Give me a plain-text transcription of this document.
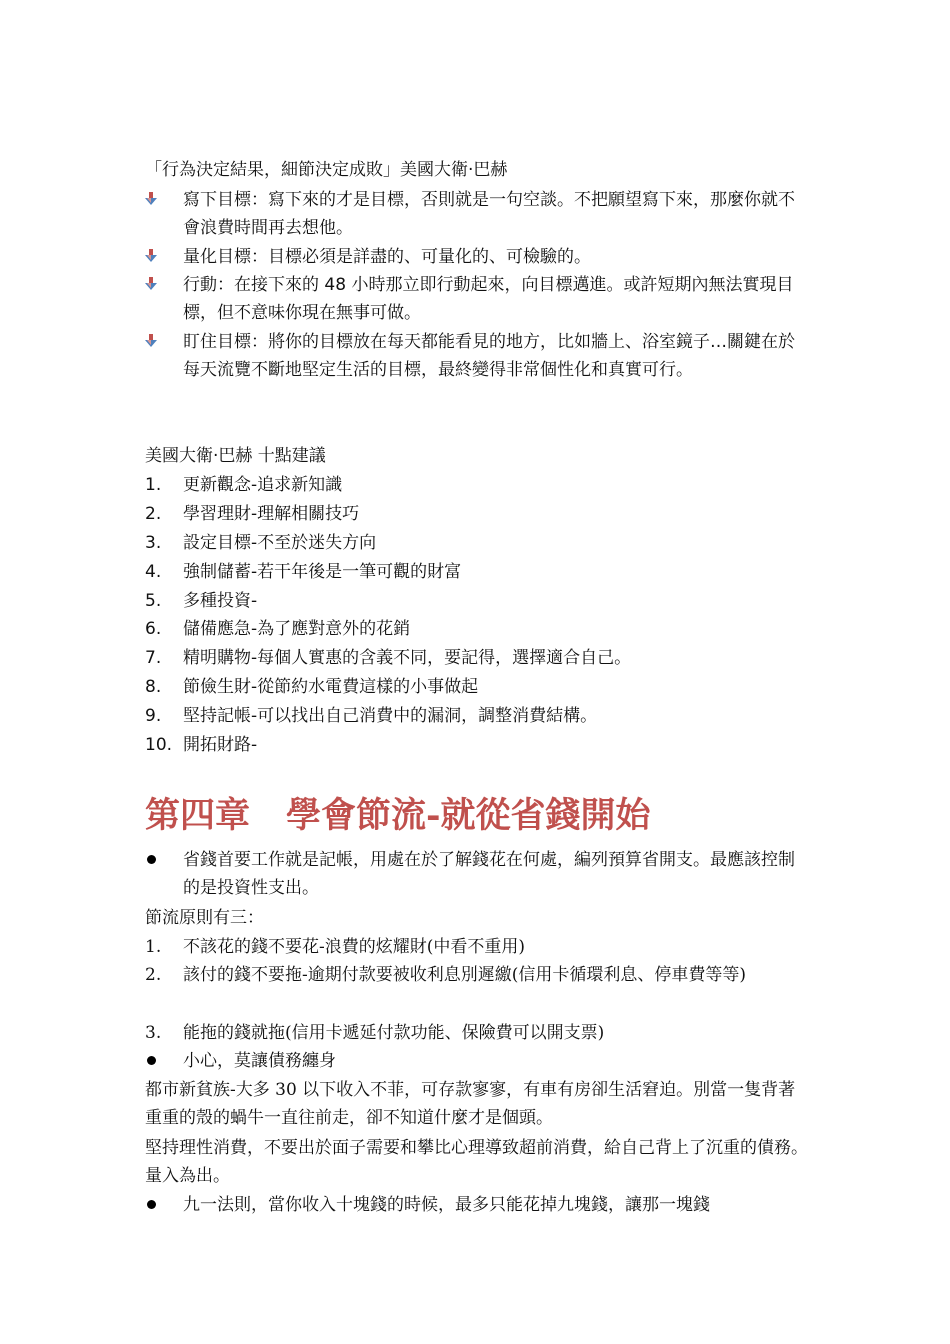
「行為決定結果，細節決定成敗」美國大衛‧巴赫
寫下目標：寫下來的才是目標，否則就是一句空談。不把願望寫下來，那麼你就不會浪費時間再去想他。
量化目標：目標必須是詳盡的、可量化的、可檢驗的。
行動：在接下來的 48 小時那立即行動起來，向目標邁進。或許短期內無法實現目標，但不意味你現在無事可做。
盯住目標：將你的目標放在每天都能看見的地方，比如牆上、浴室鏡子…關鍵在於每天流覽不斷地堅定生活的目標，最終變得非常個性化和真實可行。
美國大衛‧巴赫 十點建議
1. 更新觀念-追求新知識
2. 學習理財-理解相關技巧
3. 設定目標-不至於迷失方向
4. 強制儲蓄-若干年後是一筆可觀的財富
5. 多種投資-
6. 儲備應急-為了應對意外的花銷
7. 精明購物-每個人實惠的含義不同，要記得，選擇適合自己。
8. 節儉生財-從節約水電費這樣的小事做起
9. 堅持記帳-可以找出自己消費中的漏洞，調整消費結構。
10. 開拓財路-
第四章 學會節流-就從省錢開始
省錢首要工作就是記帳，用處在於了解錢花在何處，編列預算省開支。最應該控制的是投資性支出。
節流原則有三：
1. 不該花的錢不要花-浪費的炫耀財(中看不重用)
2. 該付的錢不要拖-逾期付款要被收利息別遲繳(信用卡循環利息、停車費等等)
3. 能拖的錢就拖(信用卡遞延付款功能、保險費可以開支票)
小心，莫讓債務纏身
都市新貧族-大多 30 以下收入不菲，可存款寥寥，有車有房卻生活窘迫。別當一隻背著重重的殼的蝸牛一直往前走，卻不知道什麼才是個頭。
堅持理性消費，不要出於面子需要和攀比心理導致超前消費，給自己背上了沉重的債務。量入為出。
九一法則，當你收入十塊錢的時候，最多只能花掉九塊錢，讓那一塊錢
